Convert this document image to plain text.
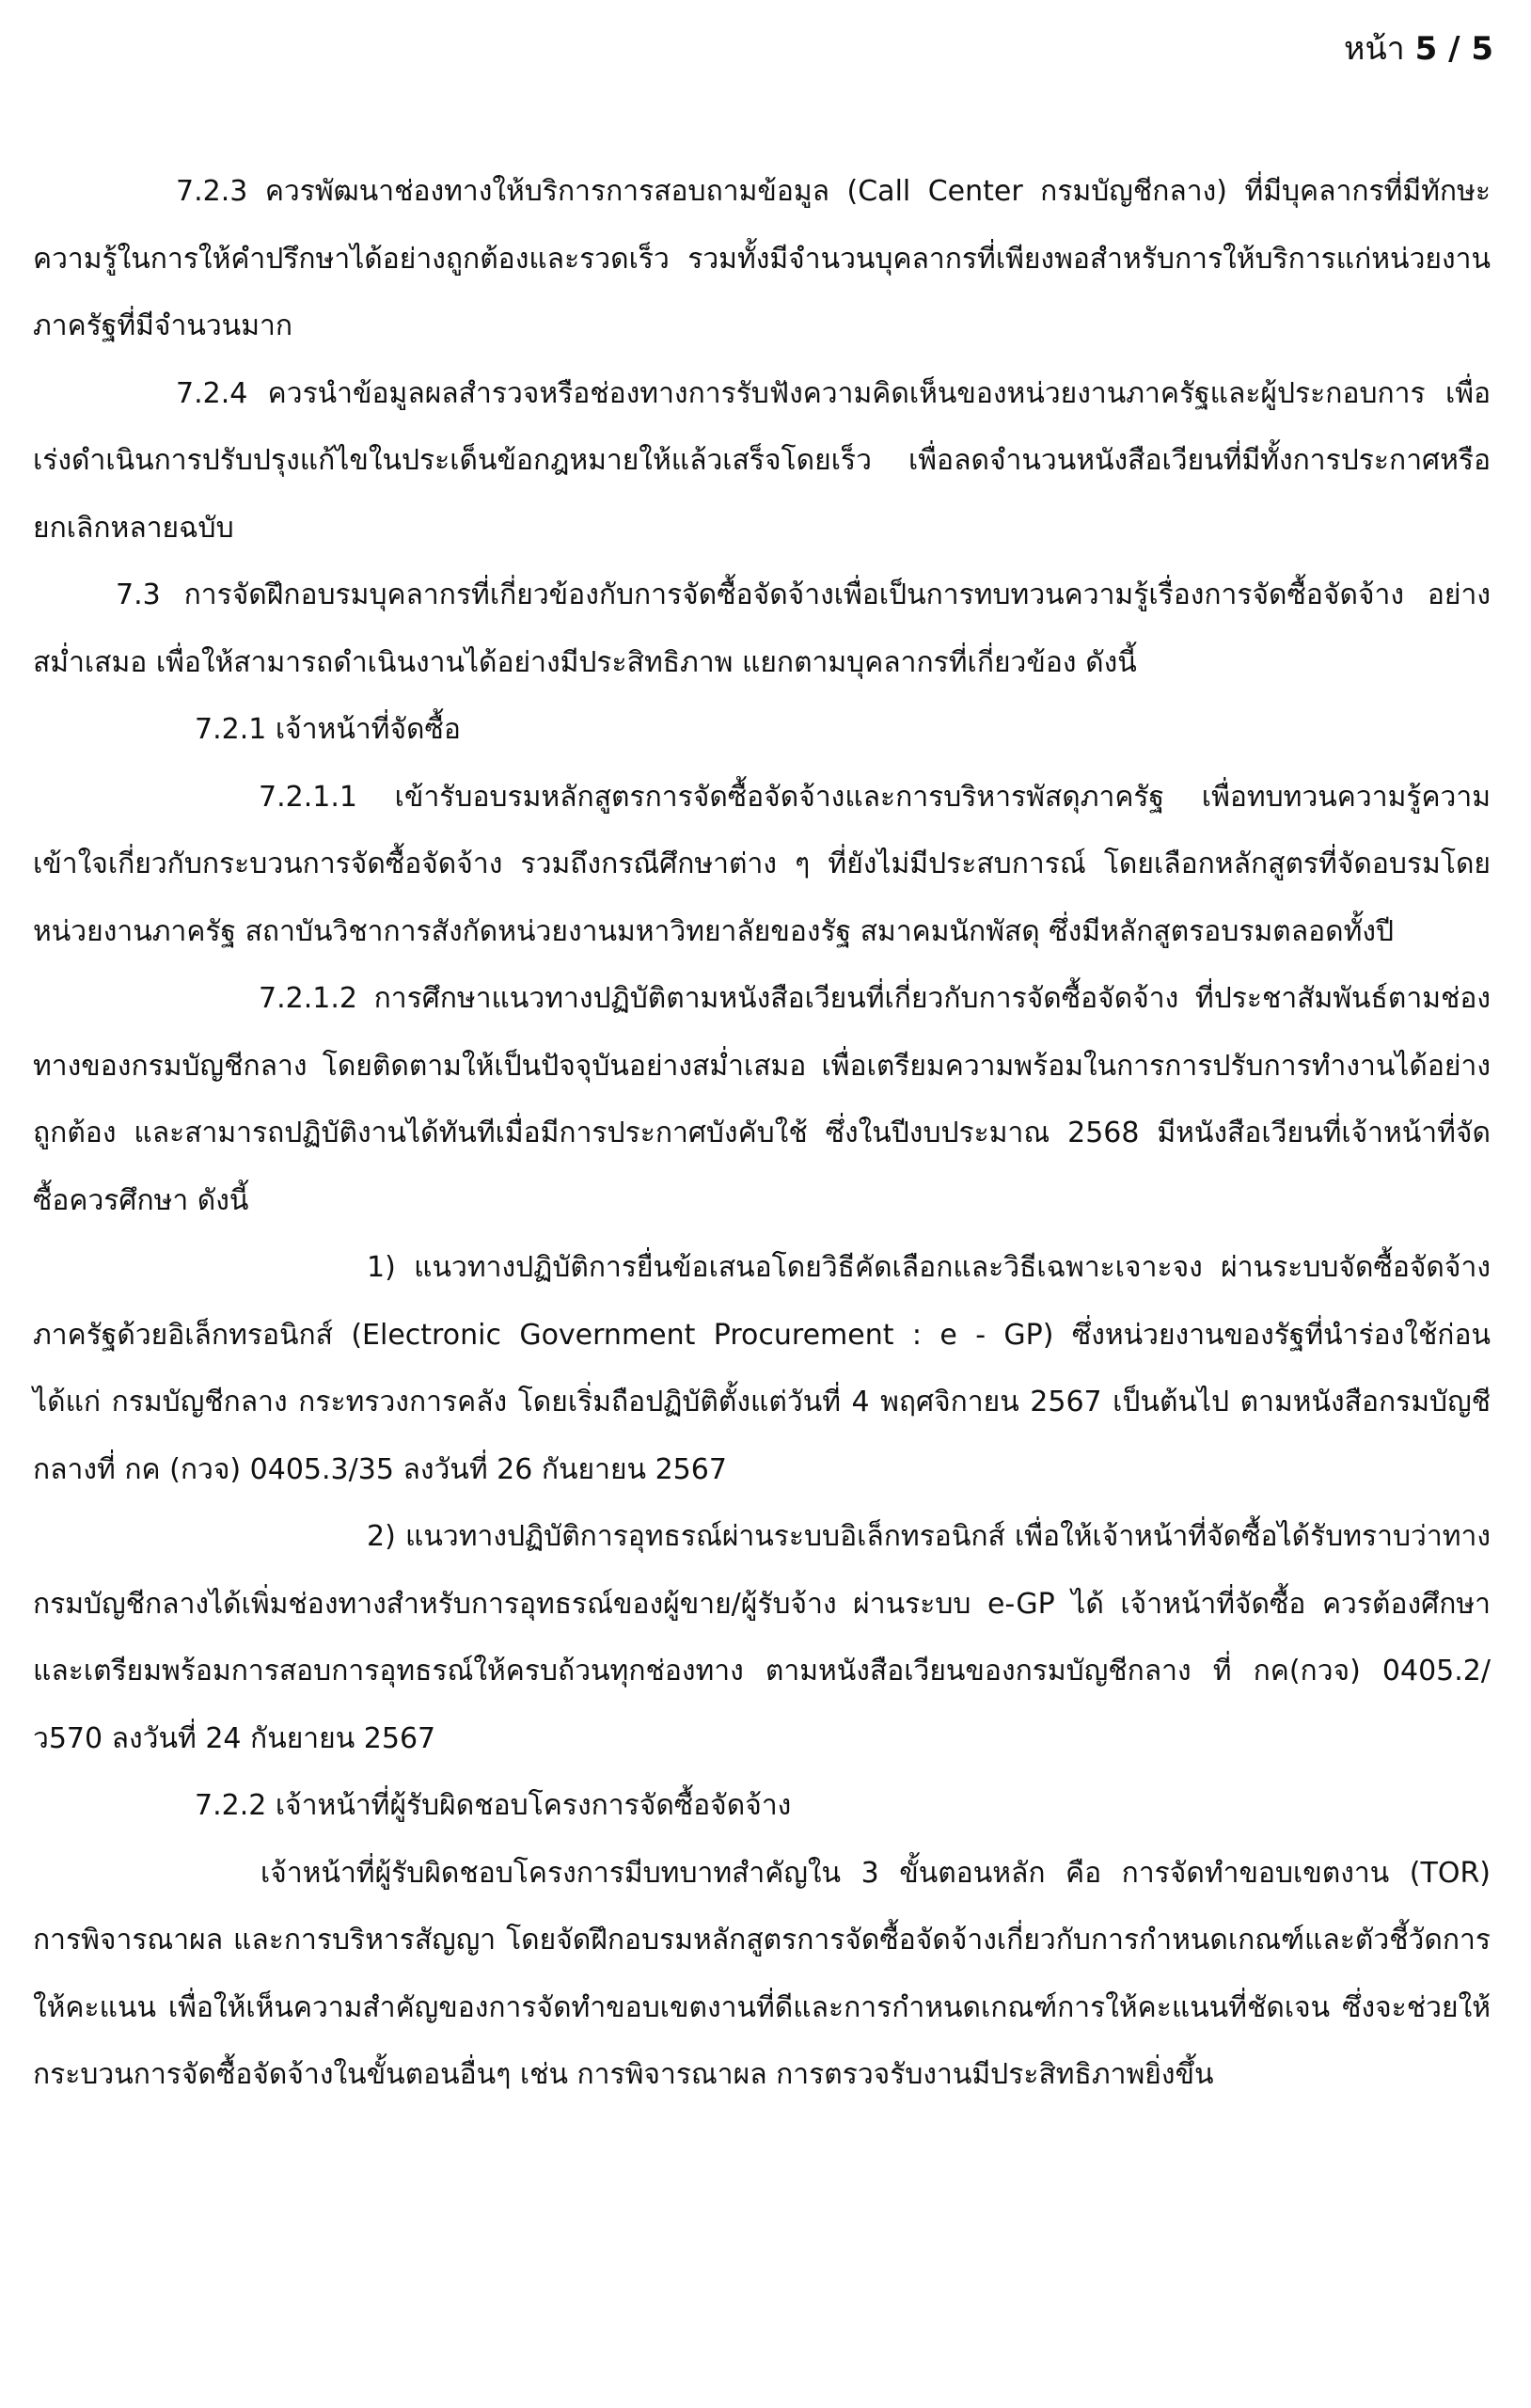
หน้า 5 / 5

7.2.3 ควรพัฒนาช่องทางให้บริการการสอบถามข้อมูล (Call Center กรมบัญชีกลาง) ที่มีบุคลากรที่มีทักษะความรู้ในการให้คำปรึกษาได้อย่างถูกต้องและรวดเร็ว รวมทั้งมีจำนวนบุคลากรที่เพียงพอสำหรับการให้บริการแก่หน่วยงานภาครัฐที่มีจำนวนมาก

7.2.4 ควรนำข้อมูลผลสำรวจหรือช่องทางการรับฟังความคิดเห็นของหน่วยงานภาครัฐและผู้ประกอบการ เพื่อเร่งดำเนินการปรับปรุงแก้ไขในประเด็นข้อกฎหมายให้แล้วเสร็จโดยเร็ว เพื่อลดจำนวนหนังสือเวียนที่มีทั้งการประกาศหรือยกเลิกหลายฉบับ

7.3 การจัดฝึกอบรมบุคลากรที่เกี่ยวข้องกับการจัดซื้อจัดจ้างเพื่อเป็นการทบทวนความรู้เรื่องการจัดซื้อจัดจ้าง อย่างสม่ำเสมอ เพื่อให้สามารถดำเนินงานได้อย่างมีประสิทธิภาพ แยกตามบุคลากรที่เกี่ยวข้อง ดังนี้

7.2.1 เจ้าหน้าที่จัดซื้อ

7.2.1.1 เข้ารับอบรมหลักสูตรการจัดซื้อจัดจ้างและการบริหารพัสดุภาครัฐ เพื่อทบทวนความรู้ความเข้าใจเกี่ยวกับกระบวนการจัดซื้อจัดจ้าง รวมถึงกรณีศึกษาต่าง ๆ ที่ยังไม่มีประสบการณ์ โดยเลือกหลักสูตรที่จัดอบรมโดยหน่วยงานภาครัฐ สถาบันวิชาการสังกัดหน่วยงานมหาวิทยาลัยของรัฐ สมาคมนักพัสดุ ซึ่งมีหลักสูตรอบรมตลอดทั้งปี

7.2.1.2 การศึกษาแนวทางปฏิบัติตามหนังสือเวียนที่เกี่ยวกับการจัดซื้อจัดจ้าง ที่ประชาสัมพันธ์ตามช่องทางของกรมบัญชีกลาง โดยติดตามให้เป็นปัจจุบันอย่างสม่ำเสมอ เพื่อเตรียมความพร้อมในการการปรับการทำงานได้อย่างถูกต้อง และสามารถปฏิบัติงานได้ทันทีเมื่อมีการประกาศบังคับใช้ ซึ่งในปีงบประมาณ 2568 มีหนังสือเวียนที่เจ้าหน้าที่จัดซื้อควรศึกษา ดังนี้

1) แนวทางปฏิบัติการยื่นข้อเสนอโดยวิธีคัดเลือกและวิธีเฉพาะเจาะจง ผ่านระบบจัดซื้อจัดจ้างภาครัฐด้วยอิเล็กทรอนิกส์ (Electronic Government Procurement : e - GP) ซึ่งหน่วยงานของรัฐที่นำร่องใช้ก่อน ได้แก่ กรมบัญชีกลาง กระทรวงการคลัง โดยเริ่มถือปฏิบัติตั้งแต่วันที่ 4 พฤศจิกายน 2567 เป็นต้นไป ตามหนังสือกรมบัญชีกลางที่ กค (กวจ) 0405.3/35 ลงวันที่ 26 กันยายน 2567

2) แนวทางปฏิบัติการอุทธรณ์ผ่านระบบอิเล็กทรอนิกส์ เพื่อให้เจ้าหน้าที่จัดซื้อได้รับทราบว่าทางกรมบัญชีกลางได้เพิ่มช่องทางสำหรับการอุทธรณ์ของผู้ขาย/ผู้รับจ้าง ผ่านระบบ e-GP ได้ เจ้าหน้าที่จัดซื้อ ควรต้องศึกษาและเตรียมพร้อมการสอบการอุทธรณ์ให้ครบถ้วนทุกช่องทาง ตามหนังสือเวียนของกรมบัญชีกลาง ที่ กค(กวจ) 0405.2/ว570 ลงวันที่ 24 กันยายน 2567

7.2.2 เจ้าหน้าที่ผู้รับผิดชอบโครงการจัดซื้อจัดจ้าง

เจ้าหน้าที่ผู้รับผิดชอบโครงการมีบทบาทสำคัญใน 3 ขั้นตอนหลัก คือ การจัดทำขอบเขตงาน (TOR) การพิจารณาผล และการบริหารสัญญา โดยจัดฝึกอบรมหลักสูตรการจัดซื้อจัดจ้างเกี่ยวกับการกำหนดเกณฑ์และตัวชี้วัดการให้คะแนน เพื่อให้เห็นความสำคัญของการจัดทำขอบเขตงานที่ดีและการกำหนดเกณฑ์การให้คะแนนที่ชัดเจน ซึ่งจะช่วยให้กระบวนการจัดซื้อจัดจ้างในขั้นตอนอื่นๆ เช่น การพิจารณาผล การตรวจรับงานมีประสิทธิภาพยิ่งขึ้น
